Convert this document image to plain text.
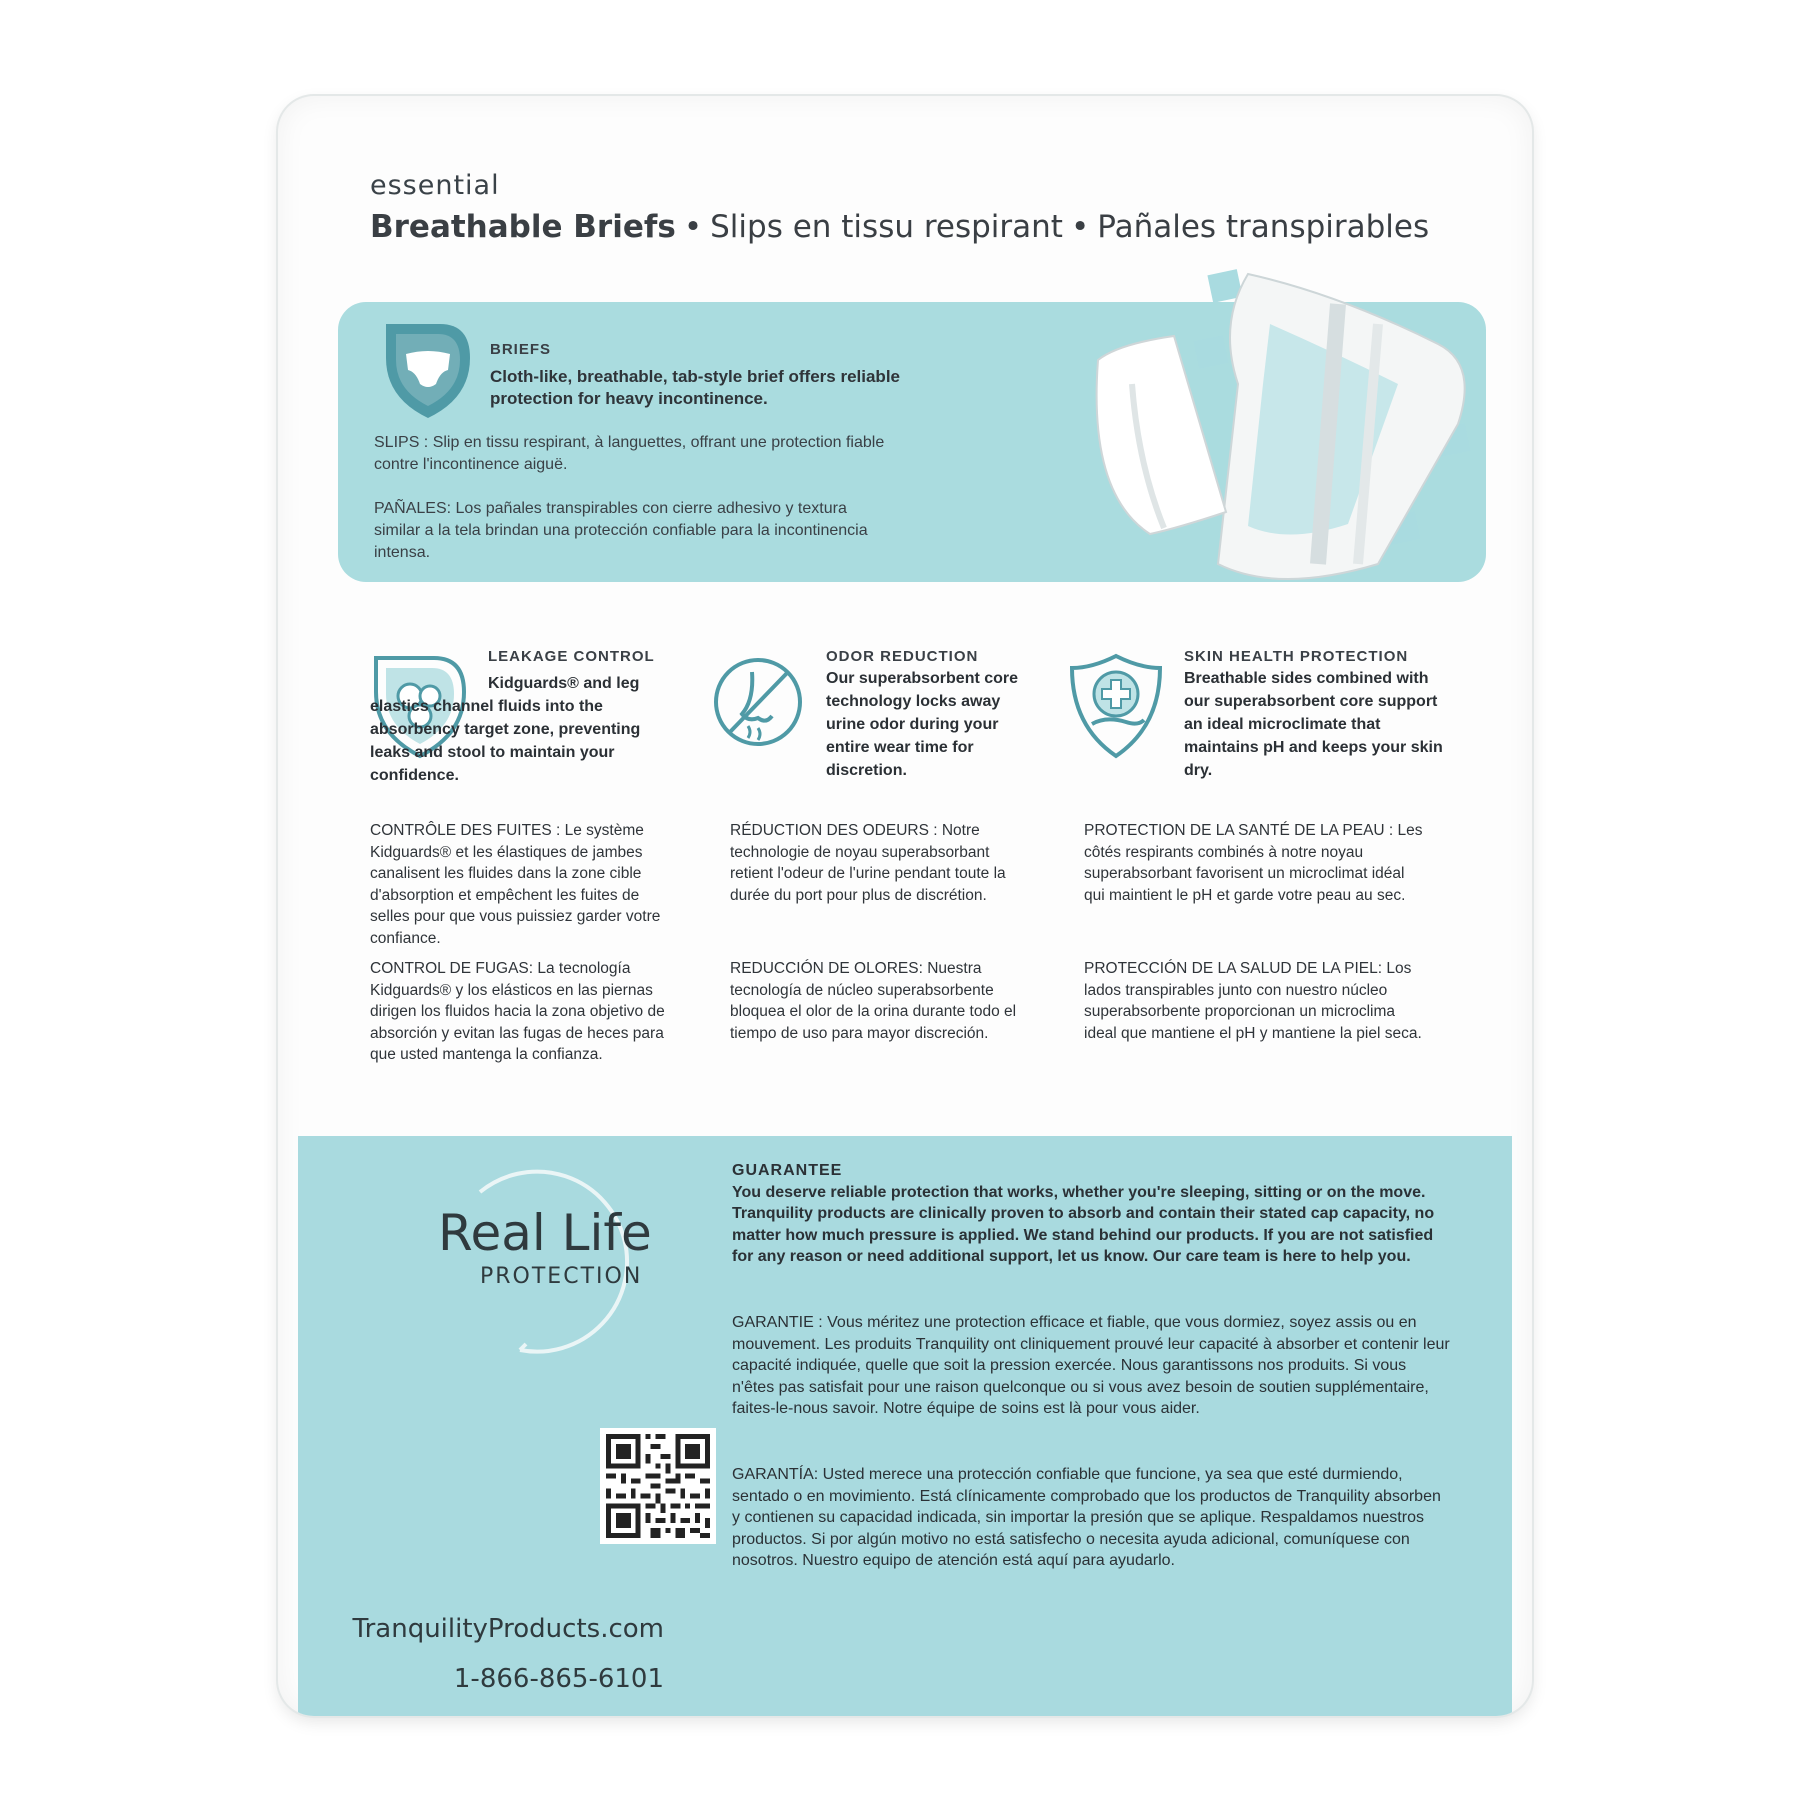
essential
Breathable Briefs • Slips en tissu respirant • Pañales transpirables
BRIEFS
Cloth-like, breathable, tab-style brief offers reliable protection for heavy incontinence.
SLIPS : Slip en tissu respirant, à languettes, offrant une protection fiable contre l'incontinence aiguë.
PAÑALES: Los pañales transpirables con cierre adhesivo y textura similar a la tela brindan una protección confiable para la incontinencia intensa.
LEAKAGE CONTROL
Kidguards® and leg elastics channel fluids into the absorbency target zone, preventing leaks and stool to maintain your confidence.
ODOR REDUCTION
Our superabsorbent core technology locks away urine odor during your entire wear time for discretion.
SKIN HEALTH PROTECTION
Breathable sides combined with our superabsorbent core support an ideal microclimate that maintains pH and keeps your skin dry.
CONTRÔLE DES FUITES : Le système Kidguards® et les élastiques de jambes canalisent les fluides dans la zone cible d'absorption et empêchent les fuites de selles pour que vous puissiez garder votre confiance.
CONTROL DE FUGAS: La tecnología Kidguards® y los elásticos en las piernas dirigen los fluidos hacia la zona objetivo de absorción y evitan las fugas de heces para que usted mantenga la confianza.
RÉDUCTION DES ODEURS : Notre technologie de noyau superabsorbant retient l'odeur de l'urine pendant toute la durée du port pour plus de discrétion.
REDUCCIÓN DE OLORES: Nuestra tecnología de núcleo superabsorbente bloquea el olor de la orina durante todo el tiempo de uso para mayor discreción.
PROTECTION DE LA SANTÉ DE LA PEAU : Les côtés respirants combinés à notre noyau superabsorbant favorisent un microclimat idéal qui maintient le pH et garde votre peau au sec.
PROTECCIÓN DE LA SALUD DE LA PIEL: Los lados transpirables junto con nuestro núcleo superabsorbente proporcionan un microclima ideal que mantiene el pH y mantiene la piel seca.
Real Life
PROTECTION
TranquilityProducts.com
1-866-865-6101
GUARANTEE
You deserve reliable protection that works, whether you're sleeping, sitting or on the move. Tranquility products are clinically proven to absorb and contain their stated cap capacity, no matter how much pressure is applied. We stand behind our products. If you are not satisfied for any reason or need additional support, let us know. Our care team is here to help you.
GARANTIE : Vous méritez une protection efficace et fiable, que vous dormiez, soyez assis ou en mouvement. Les produits Tranquility ont cliniquement prouvé leur capacité à absorber et contenir leur capacité indiquée, quelle que soit la pression exercée. Nous garantissons nos produits. Si vous n'êtes pas satisfait pour une raison quelconque ou si vous avez besoin de soutien supplémentaire, faites-le-nous savoir. Notre équipe de soins est là pour vous aider.
GARANTÍA: Usted merece una protección confiable que funcione, ya sea que esté durmiendo, sentado o en movimiento. Está clínicamente comprobado que los productos de Tranquility absorben y contienen su capacidad indicada, sin importar la presión que se aplique. Respaldamos nuestros productos. Si por algún motivo no está satisfecho o necesita ayuda adicional, comuníquese con nosotros. Nuestro equipo de atención está aquí para ayudarlo.
